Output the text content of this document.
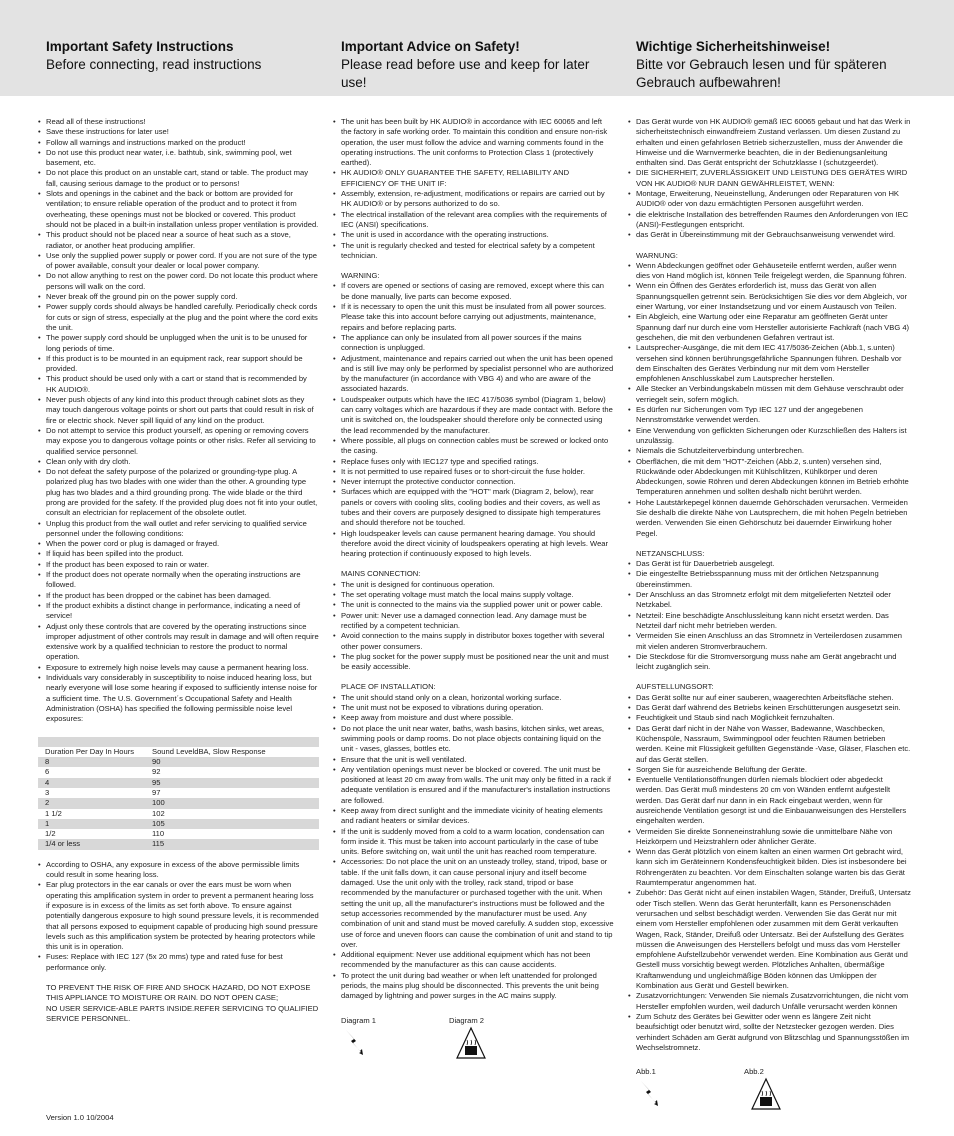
Important Safety Instructions
Before connecting, read instructions
Important Advice on Safety!
Please read before use and keep for later use!
Wichtige Sicherheitshinweise!
Bitte vor Gebrauch lesen und für späteren Gebrauch aufbewahren!
• Read all of these instructions!
• Save these instructions for later use!
• Follow all warnings and instructions marked on the product!
• Do not use this product near water, i.e. bathtub, sink, swimming pool, wet basement, etc.
• Do not place this product on an unstable cart, stand or table. The product may fall, causing serious damage to the product or to persons!
• Slots and openings in the cabinet and the back or bottom are provided for ventilation; to ensure reliable operation of the product and to protect it from overheating, these openings must not be blocked or covered. This product should not be placed in a built-in installation unless proper ventilation is provided.
• This product should not be placed near a source of heat such as a stove, radiator, or another heat producing amplifier.
• Use only the supplied power supply or power cord. If you are not sure of the type of power available, consult your dealer or local power company.
• Do not allow anything to rest on the power cord. Do not locate this product where persons will walk on the cord.
• Never break off the ground pin on the power supply cord.
• Power supply cords should always be handled carefully. Periodically check cords for cuts or sign of stress, especially at the plug and the point where the cord exits the unit.
• The power supply cord should be unplugged when the unit is to be unused for long periods of time.
• If this product is to be mounted in an equipment rack, rear support should be provided.
• This product should be used only with a cart or stand that is recommended by HK AUDIO®.
• Never push objects of any kind into this product through cabinet slots as they may touch dangerous voltage points or short out parts that could result in risk of fire or electric shock. Never spill liquid of any kind on the product.
• Do not attempt to service this product yourself, as opening or removing covers may expose you to dangerous voltage points or other risks. Refer all servicing to qualified service personnel.
• Clean only with dry cloth.
• Do not defeat the safety purpose of the polarized or grounding-type plug. A polarized plug has two blades with one wider than the other. A grounding type plug has two blades and a third grounding prong. The wide blade or the third prong are provided for the safety. If the provided plug does not fit into your outlet, consult an electrician for replacement of the obsolete outlet.
• Unplug this product from the wall outlet and refer servicing to qualified service personnel under the following conditions:
• When the power cord or plug is damaged or frayed.
• If liquid has been spilled into the product.
• If the product has been exposed to rain or water.
• If the product does not operate normally when the operating instructions are followed.
• If the product has been dropped or the cabinet has been damaged.
• If the product exhibits a distinct change in performance, indicating a need of service!
• Adjust only these controls that are covered by the operating instructions since improper adjustment of other controls may result in damage and will often require extensive work by a qualified technician to restore the product to normal operation.
• Exposure to extremely high noise levels may cause a permanent hearing loss.
• Individuals vary considerably in susceptibility to noise induced hearing loss, but nearly everyone will lose some hearing if exposed to sufficiently intense noise for a sufficient time. The U.S. Government´s Occupational Safety and Health Administration (OSHA) has specified the following permissible noise level exposures:

Duration Per Day In Hours	Sound LeveldBA, Slow Response
8	90
6	92
4	95
3	97
2	100
1 1/2	102
1	105
1/2	110
1/4 or less	115
• According to OSHA, any exposure in excess of the above permissible limits could result in some hearing loss.
• Ear plug protectors in the ear canals or over the ears must be worn when operating this amplification system in order to prevent a permanent hearing loss if exposure is in excess of the limits as set forth above. To ensure against potentially dangerous exposure to high sound pressure levels, it is recommended that all persons exposed to equipment capable of producing high sound pressure levels such as this amplification system be protected by hearing protectors while this unit is in operation.
• Fuses: Replace with IEC 127 (5x 20 mms) type and rated fuse for best performance only.

TO PREVENT THE RISK OF FIRE AND SHOCK HAZARD, DO NOT EXPOSE

THIS APPLIANCE TO MOISTURE OR RAIN. DO NOT OPEN CASE;

NO USER SERVICE-ABLE PARTS INSIDE.REFER SERVICING TO QUALIFIED

SERVICE PERSONNEL.

Version 1.0 10/2004
• The unit has been built by HK AUDIO® in accordance with IEC 60065 and left the factory in safe working order. To maintain this condition and ensure non-risk operation, the user must follow the advice and warning comments found in the operating instructions. The unit conforms to Protection Class 1 (protectively earthed).
• HK AUDIO® ONLY GUARANTEE THE SAFETY, RELIABILITY AND EFFICIENCY OF THE UNIT IF:
• Assembly, extension, re-adjustment, modifications or repairs are carried out by HK AUDIO® or by persons authorized to do so.
• The electrical installation of the relevant area complies with the requirements of IEC (ANSI) specifications.
• The unit is used in accordance with the operating instructions.
• The unit is regularly checked and tested for electrical safety by a competent technician.
WARNING:
• If covers are opened or sections of casing are removed, except where this can be done manually, live parts can become exposed.
• If it is necessary to open the unit this must be insulated from all power sources. Please take this into account before carrying out adjustments, maintenance, repairs and before replacing parts.
• The appliance can only be insulated from all power sources if the mains connection is unplugged.
• Adjustment, maintenance and repairs carried out when the unit has been opened and is still live may only be performed by specialist personnel who are authorized by the manufacturer (in accordance with VBG 4) and who are aware of the associated hazards.
• Loudspeaker outputs which have the IEC 417/5036 symbol (Diagram 1, below) can carry voltages which are hazardous if they are made contact with. Before the unit is switched on, the loudspeaker should therefore only be connected using the lead recommended by the manufacturer.
• Where possible, all plugs on connection cables must be screwed or locked onto the casing.
• Replace fuses only with IEC127 type and specified ratings.
• It is not permitted to use repaired fuses or to short-circuit the fuse holder.
• Never interrupt the protective conductor connection.
• Surfaces which are equipped with the "HOT" mark (Diagram 2, below), rear panels or covers with cooling slits, cooling bodies and their covers, as well as tubes and their covers are purposely designed to dissipate high temperatures and should therefore not be touched.
• High loudspeaker levels can cause permanent hearing damage. You should therefore avoid the direct vicinity of loudspeakers operating at high levels. Wear hearing protection if continuously exposed to high levels.
MAINS CONNECTION:
• The unit is designed for continuous operation.
• The set operating voltage must match the local mains supply voltage.
• The unit is connected to the mains via the supplied power unit or power cable.
• Power unit: Never use a damaged connection lead. Any damage must be rectified by a competent technician.
• Avoid connection to the mains supply in distributor boxes together with several other power consumers.
• The plug socket for the power supply must be positioned near the unit and must be easily accessible.
PLACE OF INSTALLATION:
• The unit should stand only on a clean, horizontal working surface.
• The unit must not be exposed to vibrations during operation.
• Keep away from moisture and dust where possible.
• Do not place the unit near water, baths, wash basins, kitchen sinks, wet areas, swimming pools or damp rooms. Do not place objects containing liquid on the unit - vases, glasses, bottles etc.
• Ensure that the unit is well ventilated.
• Any ventilation openings must never be blocked or covered. The unit must be positioned at least 20 cm away from walls. The unit may only be fitted in a rack if adequate ventilation is ensured and if the manufacturer's installation instructions are followed.
• Keep away from direct sunlight and the immediate vicinity of heating elements and radiant heaters or similar devices.
• If the unit is suddenly moved from a cold to a warm location, condensation can form inside it. This must be taken into account particularly in the case of tube units. Before switching on, wait until the unit has reached room temperature.
• Accessories: Do not place the unit on an unsteady trolley, stand, tripod, base or table. If the unit falls down, it can cause personal injury and itself become damaged. Use the unit only with the trolley, rack stand, tripod or base recommended by the manufacturer or purchased together with the unit. When setting the unit up, all the manufacturer's instructions must be followed and the setup accessories recommended by the manufacturer must be used. Any combination of unit and stand must be moved carefully. A sudden stop, excessive use of force and uneven floors can cause the combination of unit and stand to tip over.
• Additional equipment: Never use additional equipment which has not been recommended by the manufacturer as this can cause accidents.
• To protect the unit during bad weather or when left unattended for prolonged periods, the mains plug should be disconnected. This prevents the unit being damaged by lightning and power surges in the AC mains supply.
Diagram 1	Diagram 2
• Das Gerät wurde von HK AUDIO® gemäß IEC 60065 gebaut und hat das Werk in sicherheitstechnisch einwandfreiem Zustand verlassen. Um diesen Zustand zu erhalten und einen gefahrlosen Betrieb sicherzustellen, muss der Anwender die Hinweise und die Warnvermerke beachten, die in der Bedienungsanleitung enthalten sind. Das Gerät entspricht der Schutzklasse I (schutzgeerdet).
• DIE SICHERHEIT, ZUVERLÄSSIGKEIT UND LEISTUNG DES GERÄTES WIRD VON HK AUDIO® NUR DANN GEWÄHRLEISTET, WENN:
• Montage, Erweiterung, Neueinstellung, Änderungen oder Reparaturen von HK AUDIO® oder von dazu ermächtigten Personen ausgeführt werden.
• die elektrische Installation des betreffenden Raumes den Anforderungen von IEC (ANSI)-Festlegungen entspricht.
• das Gerät in Übereinstimmung mit der Gebrauchsanweisung verwendet wird.
WARNUNG:
• Wenn Abdeckungen geöffnet oder Gehäuseteile entfernt werden, außer wenn dies von Hand möglich ist, können Teile freigelegt werden, die Spannung führen.
• Wenn ein Öffnen des Gerätes erforderlich ist, muss das Gerät von allen Spannungsquellen getrennt sein. Berücksichtigen Sie dies vor dem Abgleich, vor einer Wartung, vor einer Instandsetzung und vor einem Austausch von Teilen.
• Ein Abgleich, eine Wartung oder eine Reparatur am geöffneten Gerät unter Spannung darf nur durch eine vom Hersteller autorisierte Fachkraft (nach VBG 4) geschehen, die mit den verbundenen Gefahren vertraut ist.
• Lautsprecher-Ausgänge, die mit dem IEC 417/5036-Zeichen (Abb.1, s.unten) versehen sind können berührungsgefährliche Spannungen führen. Deshalb vor dem Einschalten des Gerätes Verbindung nur mit dem vom Hersteller empfohlenen Anschlusskabel zum Lautsprecher herstellen.
• Alle Stecker an Verbindungskabeln müssen mit dem Gehäuse verschraubt oder verriegelt sein, sofern möglich.
• Es dürfen nur Sicherungen vom Typ IEC 127 und der angegebenen Nennstromstärke verwendet werden.
• Eine Verwendung von geflickten Sicherungen oder Kurzschließen des Halters ist unzulässig.
• Niemals die Schutzleiterverbindung unterbrechen.
• Oberflächen, die mit dem "HOT"-Zeichen (Abb.2, s.unten) versehen sind, Rückwände oder Abdeckungen mit Kühlschlitzen, Kühlkörper und deren Abdeckungen, sowie Röhren und deren Abdeckungen können im Betrieb erhöhte Temperaturen annehmen und sollten deshalb nicht berührt werden.
• Hohe Lautstärkepegel können dauernde Gehörschäden verursachen. Vermeiden Sie deshalb die direkte Nähe von Lautsprechern, die mit hohen Pegeln betrieben werden. Verwenden Sie einen Gehörschutz bei dauernder Einwirkung hoher Pegel.
NETZANSCHLUSS:
• Das Gerät ist für Dauerbetrieb ausgelegt.
• Die eingestellte Betriebsspannung muss mit der örtlichen Netzspannung übereinstimmen.
• Der Anschluss an das Stromnetz erfolgt mit dem mitgelieferten Netzteil oder Netzkabel.
• Netzteil: Eine beschädigte Anschlussleitung kann nicht ersetzt werden. Das Netzteil darf nicht mehr betrieben werden.
• Vermeiden Sie einen Anschluss an das Stromnetz in Verteilerdosen zusammen mit vielen anderen Stromverbrauchern.
• Die Steckdose für die Stromversorgung muss nahe am Gerät angebracht und leicht zugänglich sein.
AUFSTELLUNGSORT:
• Das Gerät sollte nur auf einer sauberen, waagerechten Arbeitsfläche stehen.
• Das Gerät darf während des Betriebs keinen Erschütterungen ausgesetzt sein.
• Feuchtigkeit und Staub sind nach Möglichkeit fernzuhalten.
• Das Gerät darf nicht in der Nähe von Wasser, Badewanne, Waschbecken, Küchenspüle, Nassraum, Swimmingpool oder feuchten Räumen betrieben werden. Keine mit Flüssigkeit gefüllten Gegenstände -Vase, Gläser, Flaschen etc. auf das Gerät stellen.
• Sorgen Sie für ausreichende Belüftung der Geräte.
• Eventuelle Ventilationsöffnungen dürfen niemals blockiert oder abgedeckt werden. Das Gerät muß mindestens 20 cm von Wänden entfernt aufgestellt werden. Das Gerät darf nur dann in ein Rack eingebaut werden, wenn für ausreichende Ventilation gesorgt ist und die Einbauanweisungen des Herstellers eingehalten werden.
• Vermeiden Sie direkte Sonneneinstrahlung sowie die unmittelbare Nähe von Heizkörpern und Heizstrahlern oder ähnlicher Geräte.
• Wenn das Gerät plötzlich von einem kalten an einen warmen Ort gebracht wird, kann sich im Geräteinnern Kondensfeuchtigkeit bilden. Dies ist insbesondere bei Röhrengeräten zu beachten. Vor dem Einschalten solange warten bis das Gerät Raumtemperatur angenommen hat.
• Zubehör: Das Gerät nicht auf einen instabilen Wagen, Ständer, Dreifuß, Untersatz oder Tisch stellen. Wenn das Gerät herunterfällt, kann es Personenschäden verursachen und selbst beschädigt werden. Verwenden Sie das Gerät nur mit einem vom Hersteller empfohlenen oder zusammen mit dem Gerät verkauften Wagen, Rack, Ständer, Dreifuß oder Untersatz. Bei der Aufstellung des Gerätes müssen die Anweisungen des Herstellers befolgt und muss das vom Hersteller empfohlene Aufstellzubehör verwendet werden. Eine Kombination aus Gerät und Gestell muss vorsichtig bewegt werden. Plötzliches Anhalten, übermäßige Kraftanwendung und ungleichmäßige Böden können das Umkippen der Kombination aus Gerät und Gestell bewirken.
• Zusatzvorrichtungen: Verwenden Sie niemals Zusatzvorrichtungen, die nicht vom Hersteller empfohlen wurden, weil dadurch Unfälle verursacht werden können
• Zum Schutz des Gerätes bei Gewitter oder wenn es längere Zeit nicht beaufsichtigt oder benutzt wird, sollte der Netzstecker gezogen werden. Dies verhindert Schäden am Gerät aufgrund von Blitzschlag und Spannungsstößen im Wechselstromnetz.
Abb.1	Abb.2
